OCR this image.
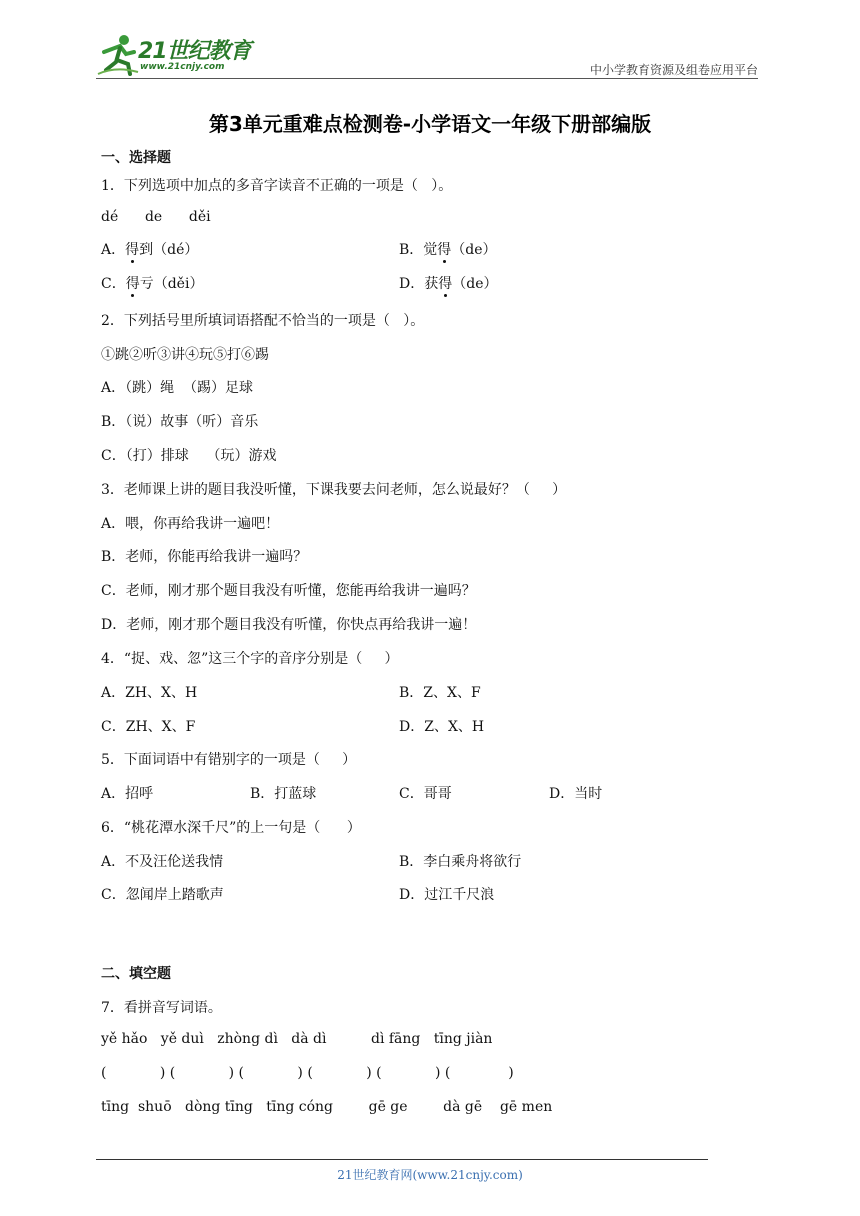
21世纪教育
www.21cnjy.com	中小学教育资源及组卷应用平台
第3单元重难点检测卷-小学语文一年级下册部编版
一、选择题
1．下列选项中加点的多音字读音不正确的一项是（   ）。
dé      de      děi
A．得到（dé）	B．觉得（de）
C．得亏（děi）	D．获得（de）
2．下列括号里所填词语搭配不恰当的一项是（   ）。
①跳②听③讲④玩⑤打⑥踢
A．（跳）绳  （踢）足球
B．（说）故事（听）音乐
C．（打）排球    （玩）游戏
3．老师课上讲的题目我没听懂，下课我要去问老师，怎么说最好？（     ）
A．喂，你再给我讲一遍吧！
B．老师，你能再给我讲一遍吗？
C．老师，刚才那个题目我没有听懂，您能再给我讲一遍吗？
D．老师，刚才那个题目我没有听懂，你快点再给我讲一遍！
4．“捉、戏、忽”这三个字的音序分别是（     ）
A．ZH、X、H	B．Z、X、F
C．ZH、X、F	D．Z、X、H
5．下面词语中有错别字的一项是（     ）
A．招呼	B．打蓝球	C．哥哥	D．当时
6．“桃花潭水深千尺”的上一句是（      ）
A．不及汪伦送我情	B．李白乘舟将欲行
C．忽闻岸上踏歌声	D．过江千尺浪
二、填空题
7．看拼音写词语。
yě hǎo   yě duì   zhòng dì   dà dì          dì fāng   tīng jiàn
(            ) (            ) (            ) (            ) (            ) (             )
tīng  shuō   dòng tīng   tīng cóng        gē ge        dà gē    gē men
21世纪教育网(www.21cnjy.com)
